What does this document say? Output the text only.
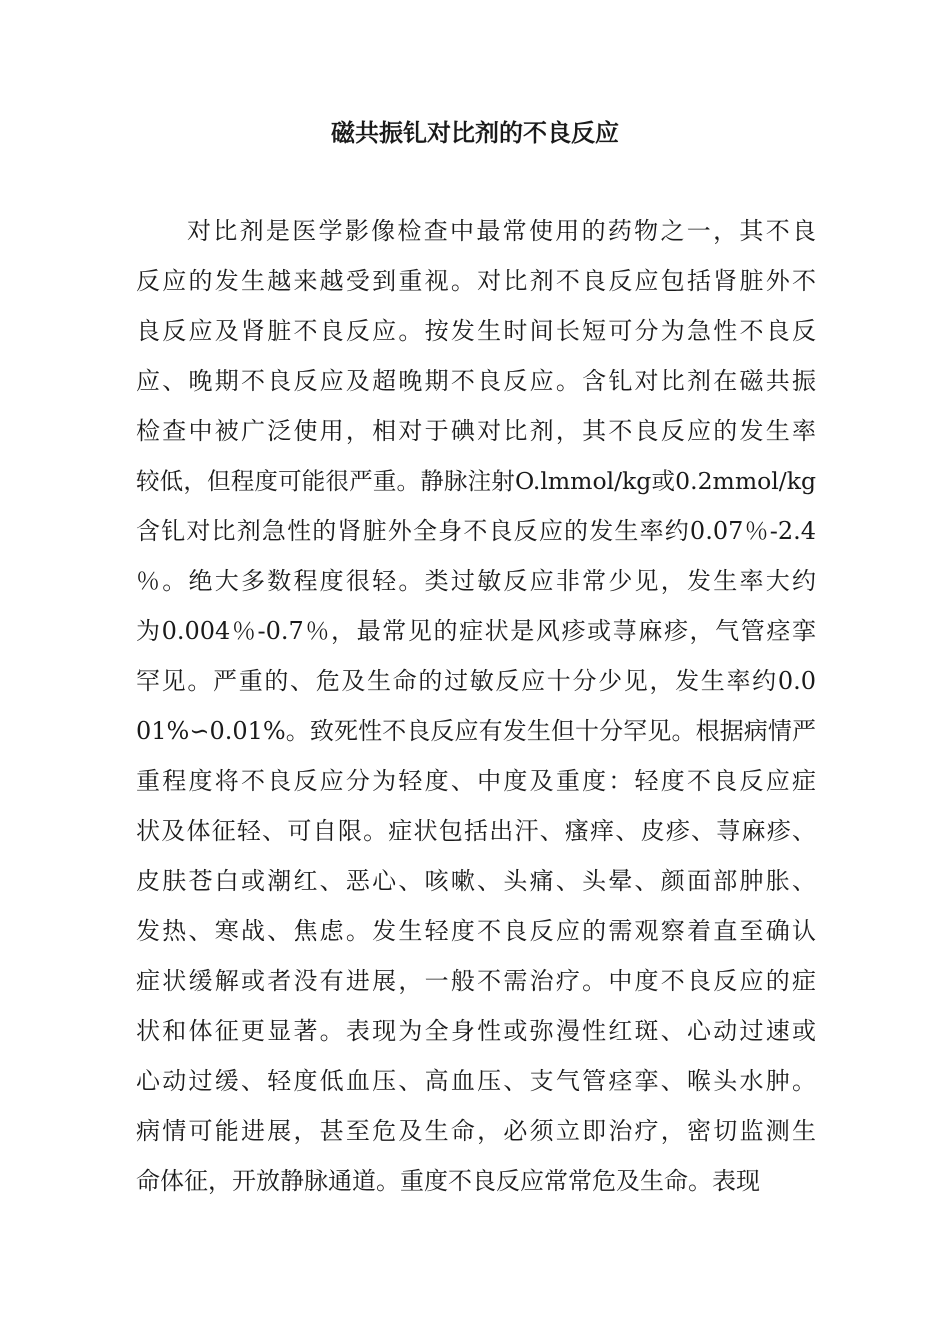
磁共振钆对比剂的不良反应
对比剂是医学影像检查中最常使用的药物之一，其不良
反应的发生越来越受到重视。对比剂不良反应包括肾脏外不
良反应及肾脏不良反应。按发生时间长短可分为急性不良反
应、晚期不良反应及超晚期不良反应。含钆对比剂在磁共振
检查中被广泛使用，相对于碘对比剂，其不良反应的发生率
较低，但程度可能很严重。静脉注射O.lmmol/kg或0.2mmol/kg
含钆对比剂急性的肾脏外全身不良反应的发生率约0.07％-2.4
％。绝大多数程度很轻。类过敏反应非常少见，发生率大约
为0.004％-0.7％，最常见的症状是风疹或荨麻疹，气管痉挛
罕见。严重的、危及生命的过敏反应十分少见，发生率约0.0
01%∽0.01%。致死性不良反应有发生但十分罕见。根据病情严
重程度将不良反应分为轻度、中度及重度：轻度不良反应症
状及体征轻、可自限。症状包括出汗、瘙痒、皮疹、荨麻疹、
皮肤苍白或潮红、恶心、咳嗽、头痛、头晕、颜面部肿胀、
发热、寒战、焦虑。发生轻度不良反应的需观察着直至确认
症状缓解或者没有进展，一般不需治疗。中度不良反应的症
状和体征更显著。表现为全身性或弥漫性红斑、心动过速或
心动过缓、轻度低血压、高血压、支气管痉挛、喉头水肿。
病情可能进展，甚至危及生命，必须立即治疗，密切监测生
命体征，开放静脉通道。重度不良反应常常危及生命。表现
